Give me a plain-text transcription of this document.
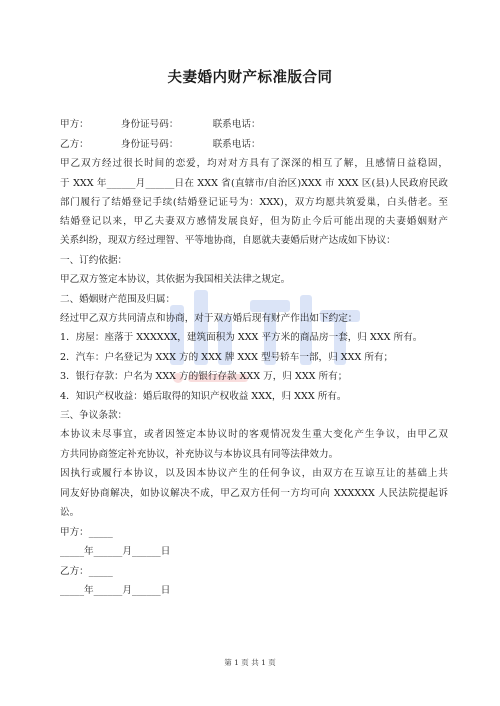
夫妻婚内财产标准版合同
甲方：	身份证号码：	联系电话：
乙方：	身份证号码：	联系电话：
甲乙双方经过很长时间的恋爱，均对对方具有了深深的相互了解，且感情日益稳固，
于 XXX 年______月______日在 XXX 省(直辖市/自治区)XXX 市 XXX 区(县)人民政府民政
部门履行了结婚登记手续(结婚登记证号为：XXX)，双方均愿共筑爱巢，白头偕老。至
结婚登记以来，甲乙夫妻双方感情发展良好，但为防止今后可能出现的夫妻婚姻财产
关系纠纷，现双方经过理智、平等地协商，自愿就夫妻婚后财产达成如下协议：
一、订约依据：
甲乙双方签定本协议，其依据为我国相关法律之规定。
二、婚姻财产范围及归属：
经过甲乙双方共同清点和协商，对于双方婚后现有财产作出如下约定：
1．房屋：座落于 XXXXXX，建筑面积为 XXX 平方米的商品房一套，归 XXX 所有。
2．汽车：户名登记为 XXX 方的 XXX 牌 XXX 型号轿车一部，归 XXX 所有；
3．银行存款：户名为 XXX 方的银行存款 XXX 万，归 XXX 所有；
4．知识产权收益：婚后取得的知识产权收益 XXX，归 XXX 所有。
三、争议条款：
本协议未尽事宜，或者因签定本协议时的客观情况发生重大变化产生争议，由甲乙双
方共同协商签定补充协议，补充协议与本协议具有同等法律效力。
因执行或履行本协议，以及因本协议产生的任何争议，由双方在互谅互让的基础上共
同友好协商解决，如协议解决不成，甲乙双方任何一方均可向 XXXXXX 人民法院提起诉
讼。
甲方：_____
_____年______月______日
乙方：_____
_____年______月______日
第 1 页 共 1 页
